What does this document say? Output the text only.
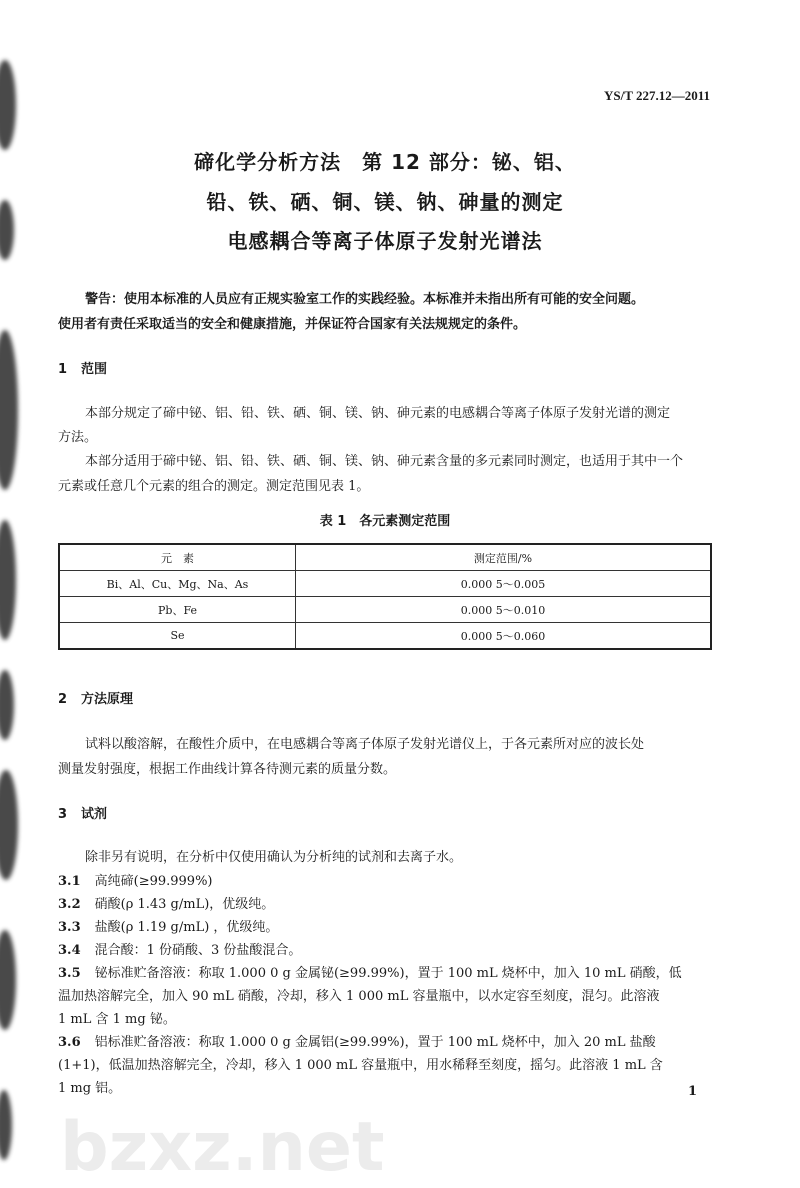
bzxz.net
YS/T 227.12—2011
碲化学分析方法　第 12 部分：铋、铝、
铅、铁、硒、铜、镁、钠、砷量的测定
电感耦合等离子体原子发射光谱法
警告：使用本标准的人员应有正规实验室工作的实践经验。本标准并未指出所有可能的安全问题。
使用者有责任采取适当的安全和健康措施，并保证符合国家有关法规规定的条件。
1 范围
本部分规定了碲中铋、铝、铅、铁、硒、铜、镁、钠、砷元素的电感耦合等离子体原子发射光谱的测定
方法。
本部分适用于碲中铋、铝、铅、铁、硒、铜、镁、钠、砷元素含量的多元素同时测定，也适用于其中一个
元素或任意几个元素的组合的测定。测定范围见表 1。
表 1　各元素测定范围
元　素	测定范围/%
Bi、Al、Cu、Mg、Na、As	0.000 5～0.005
Pb、Fe	0.000 5～0.010
Se	0.000 5～0.060
2 方法原理
试料以酸溶解，在酸性介质中，在电感耦合等离子体原子发射光谱仪上，于各元素所对应的波长处
测量发射强度，根据工作曲线计算各待测元素的质量分数。
3 试剂
除非另有说明，在分析中仅使用确认为分析纯的试剂和去离子水。
3.1 高纯碲(≥99.999%)
3.2 硝酸(ρ 1.43 g/mL)，优级纯。
3.3 盐酸(ρ 1.19 g/mL) ，优级纯。
3.4 混合酸：1 份硝酸、3 份盐酸混合。
3.5 铋标准贮备溶液：称取 1.000 0 g 金属铋(≥99.99%)，置于 100 mL 烧杯中，加入 10 mL 硝酸，低
温加热溶解完全，加入 90 mL 硝酸，冷却，移入 1 000 mL 容量瓶中，以水定容至刻度，混匀。此溶液
1 mL 含 1 mg 铋。
3.6 铝标准贮备溶液：称取 1.000 0 g 金属铝(≥99.99%)，置于 100 mL 烧杯中，加入 20 mL 盐酸
(1+1)，低温加热溶解完全，冷却，移入 1 000 mL 容量瓶中，用水稀释至刻度，摇匀。此溶液 1 mL 含
1 mg 铝。	1
